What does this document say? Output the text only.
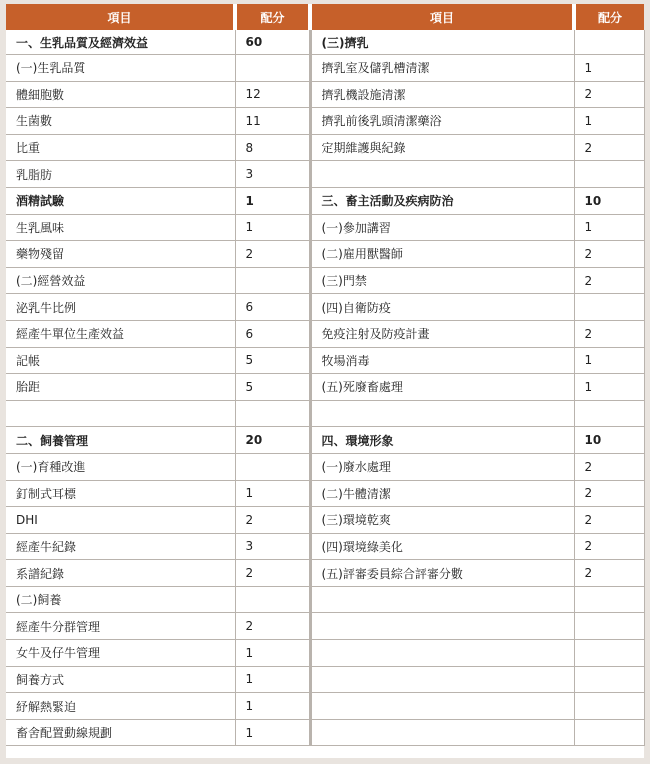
項目	配分	項目	配分
一、生乳品質及經濟效益	60	(三)擠乳	
(一)生乳品質		擠乳室及儲乳槽清潔	1
體細胞數	12	擠乳機設施清潔	2
生菌數	11	擠乳前後乳頭清潔藥浴	1
比重	8	定期維護與紀錄	2
乳脂肪	3		
酒精試驗	1	三、畜主活動及疾病防治	10
生乳風味	1	(一)參加講習	1
藥物殘留	2	(二)雇用獸醫師	2
(二)經營效益		(三)門禁	2
泌乳牛比例	6	(四)自衛防疫	
經產牛單位生產效益	6	免疫注射及防疫計畫	2
記帳	5	牧場消毒	1
胎距	5	(五)死廢畜處理	1

二、飼養管理	20	四、環境形象	10
(一)育種改進		(一)廢水處理	2
釘制式耳標	1	(二)牛體清潔	2
DHI	2	(三)環境乾爽	2
經產牛紀錄	3	(四)環境綠美化	2
系譜紀錄	2	(五)評審委員綜合評審分數	2
(二)飼養			
經產牛分群管理	2		
女牛及仔牛管理	1		
飼養方式	1		
紓解熱緊迫	1		
畜舍配置動線規劃	1		
